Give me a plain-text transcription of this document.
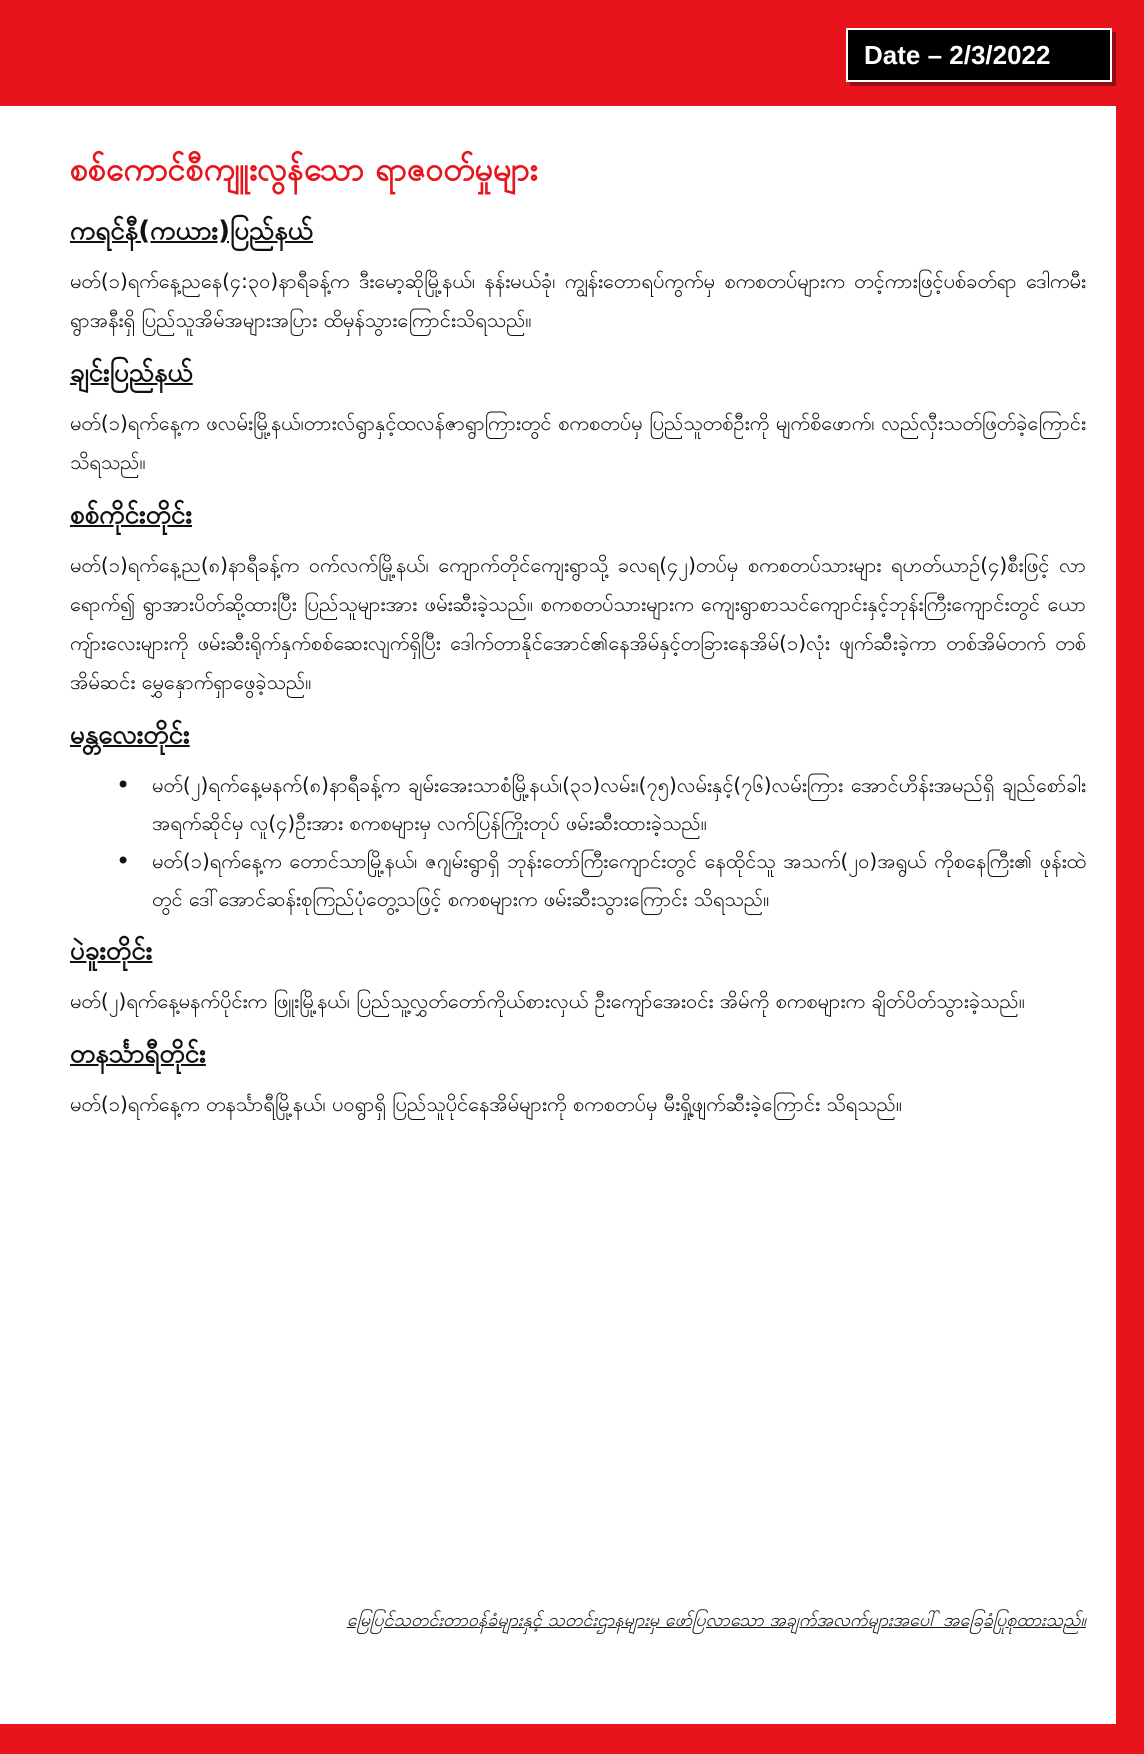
Date – 2/3/2022
စစ်ကောင်စီကျူးလွန်သော ရာဇဝတ်မှုများ
ကရင်နီ(ကယား)ပြည်နယ်

မတ်(၁)ရက်နေ့ညနေ(၄:၃၀)နာရီခန့်က ဒီးမော့ဆိုမြို့နယ်၊ နန်းမယ်ခုံ၊ ကျွန်းတောရပ်ကွက်မှ စကစတပ်များက တင့်ကားဖြင့်ပစ်ခတ်ရာ ဒေါကမီးရွာအနီးရှိ ပြည်သူအိမ်အများအပြား ထိမှန်သွားကြောင်းသိရသည်။

ချင်းပြည်နယ်

မတ်(၁)ရက်နေ့က ဖလမ်းမြို့နယ်၊တားလ်ရွာနှင့်ထလန်ဇာရွာကြားတွင် စကစတပ်မှ ပြည်သူတစ်ဦးကို မျက်စိဖောက်၊ လည်လှီးသတ်ဖြတ်ခဲ့ကြောင်း သိရသည်။

စစ်ကိုင်းတိုင်း

မတ်(၁)ရက်နေ့ည(၈)နာရီခန့်က ဝက်လက်မြို့နယ်၊ ကျောက်တိုင်ကျေးရွာသို့ ခလရ(၄၂)တပ်မှ စကစတပ်သားများ ရဟတ်ယာဉ်(၄)စီးဖြင့် လာရောက်၍ ရွာအားပိတ်ဆို့ထားပြီး ပြည်သူများအား ဖမ်းဆီးခဲ့သည်။ စကစတပ်သားများက ကျေးရွာစာသင်ကျောင်းနှင့်ဘုန်းကြီးကျောင်းတွင် ယောကျ်ားလေးများကို ဖမ်းဆီးရိုက်နှက်စစ်ဆေးလျက်ရှိပြီး ဒေါက်တာနိုင်အောင်၏နေအိမ်နှင့်တခြားနေအိမ်(၁)လုံး ဖျက်ဆီးခဲ့ကာ တစ်အိမ်တက် တစ်အိမ်ဆင်း မွှေနှောက်ရှာဖွေခဲ့သည်။

မန္တလေးတိုင်း
• မတ်(၂)ရက်နေ့မနက်(၈)နာရီခန့်က ချမ်းအေးသာစံမြို့နယ်၊(၃၁)လမ်း၊(၇၅)လမ်းနှင့်(၇၆)လမ်းကြား အောင်ဟိန်းအမည်ရှိ ချည်စော်ခါးအရက်ဆိုင်မှ လူ(၄)ဦးအား စကစများမှ လက်ပြန်ကြိုးတုပ် ဖမ်းဆီးထားခဲ့သည်။
• မတ်(၁)ရက်နေ့က တောင်သာမြို့နယ်၊ ဇဂျမ်းရွာရှိ ဘုန်းတော်ကြီးကျောင်းတွင် နေထိုင်သူ အသက်(၂၀)အရွယ် ကိုစနေကြီး၏ ဖုန်းထဲတွင် ဒေါ်အောင်ဆန်းစုကြည်ပုံတွေ့သဖြင့် စကစများက ဖမ်းဆီးသွားကြောင်း သိရသည်။
ပဲခူးတိုင်း

မတ်(၂)ရက်နေ့မနက်ပိုင်းက ဖြူးမြို့နယ်၊ ပြည်သူ့လွှတ်တော်ကိုယ်စားလှယ် ဦးကျော်အေးဝင်း အိမ်ကို စကစများက ချိတ်ပိတ်သွားခဲ့သည်။

တနင်္သာရီတိုင်း

မတ်(၁)ရက်နေ့က တနင်္သာရီမြို့နယ်၊ ပဝရွာရှိ ပြည်သူပိုင်နေအိမ်များကို စကစတပ်မှ မီးရှို့ဖျက်ဆီးခဲ့ကြောင်း သိရသည်။

မြေပြင်သတင်းတာဝန်ခံများနှင့် သတင်းဌာနများမှ ဖော်ပြလာသော အချက်အလက်များအပေါ် အခြေခံပြုစုထားသည်။
